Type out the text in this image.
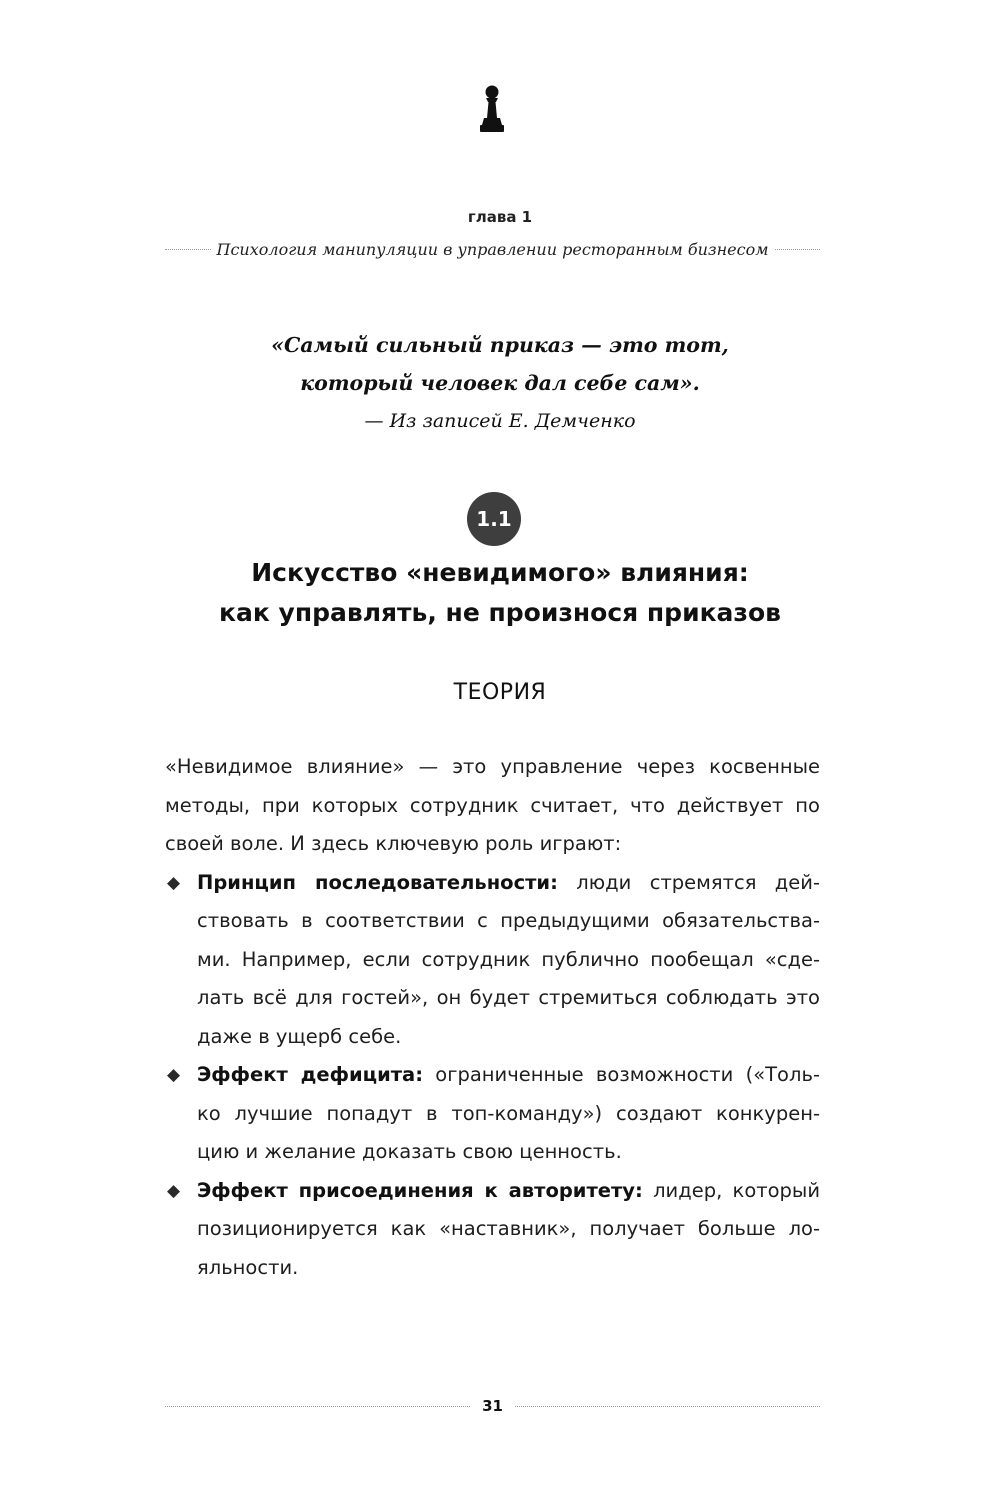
глава 1
Психология манипуляции в управлении ресторанным бизнесом
«Самый сильный приказ — это тот,
который человек дал себе сам».
— Из записей Е. Демченко
1.1
Искусство «невидимого» влияния:
как управлять, не произнося приказов
ТЕОРИЯ
«Невидимое влияние» — это управление через косвенные
методы, при которых сотрудник считает, что действует по
своей воле. И здесь ключевую роль играют:
◆ Принцип последовательности: люди стремятся дей-
ствовать в соответствии с предыдущими обязательства-
ми. Например, если сотрудник публично пообещал «сде-
лать всё для гостей», он будет стремиться соблюдать это
даже в ущерб себе.
◆ Эффект дефицита: ограниченные возможности («Толь-
ко лучшие попадут в топ-команду») создают конкурен-
цию и желание доказать свою ценность.
◆ Эффект присоединения к авторитету: лидер, который
позиционируется как «наставник», получает больше ло-
яльности.
31
